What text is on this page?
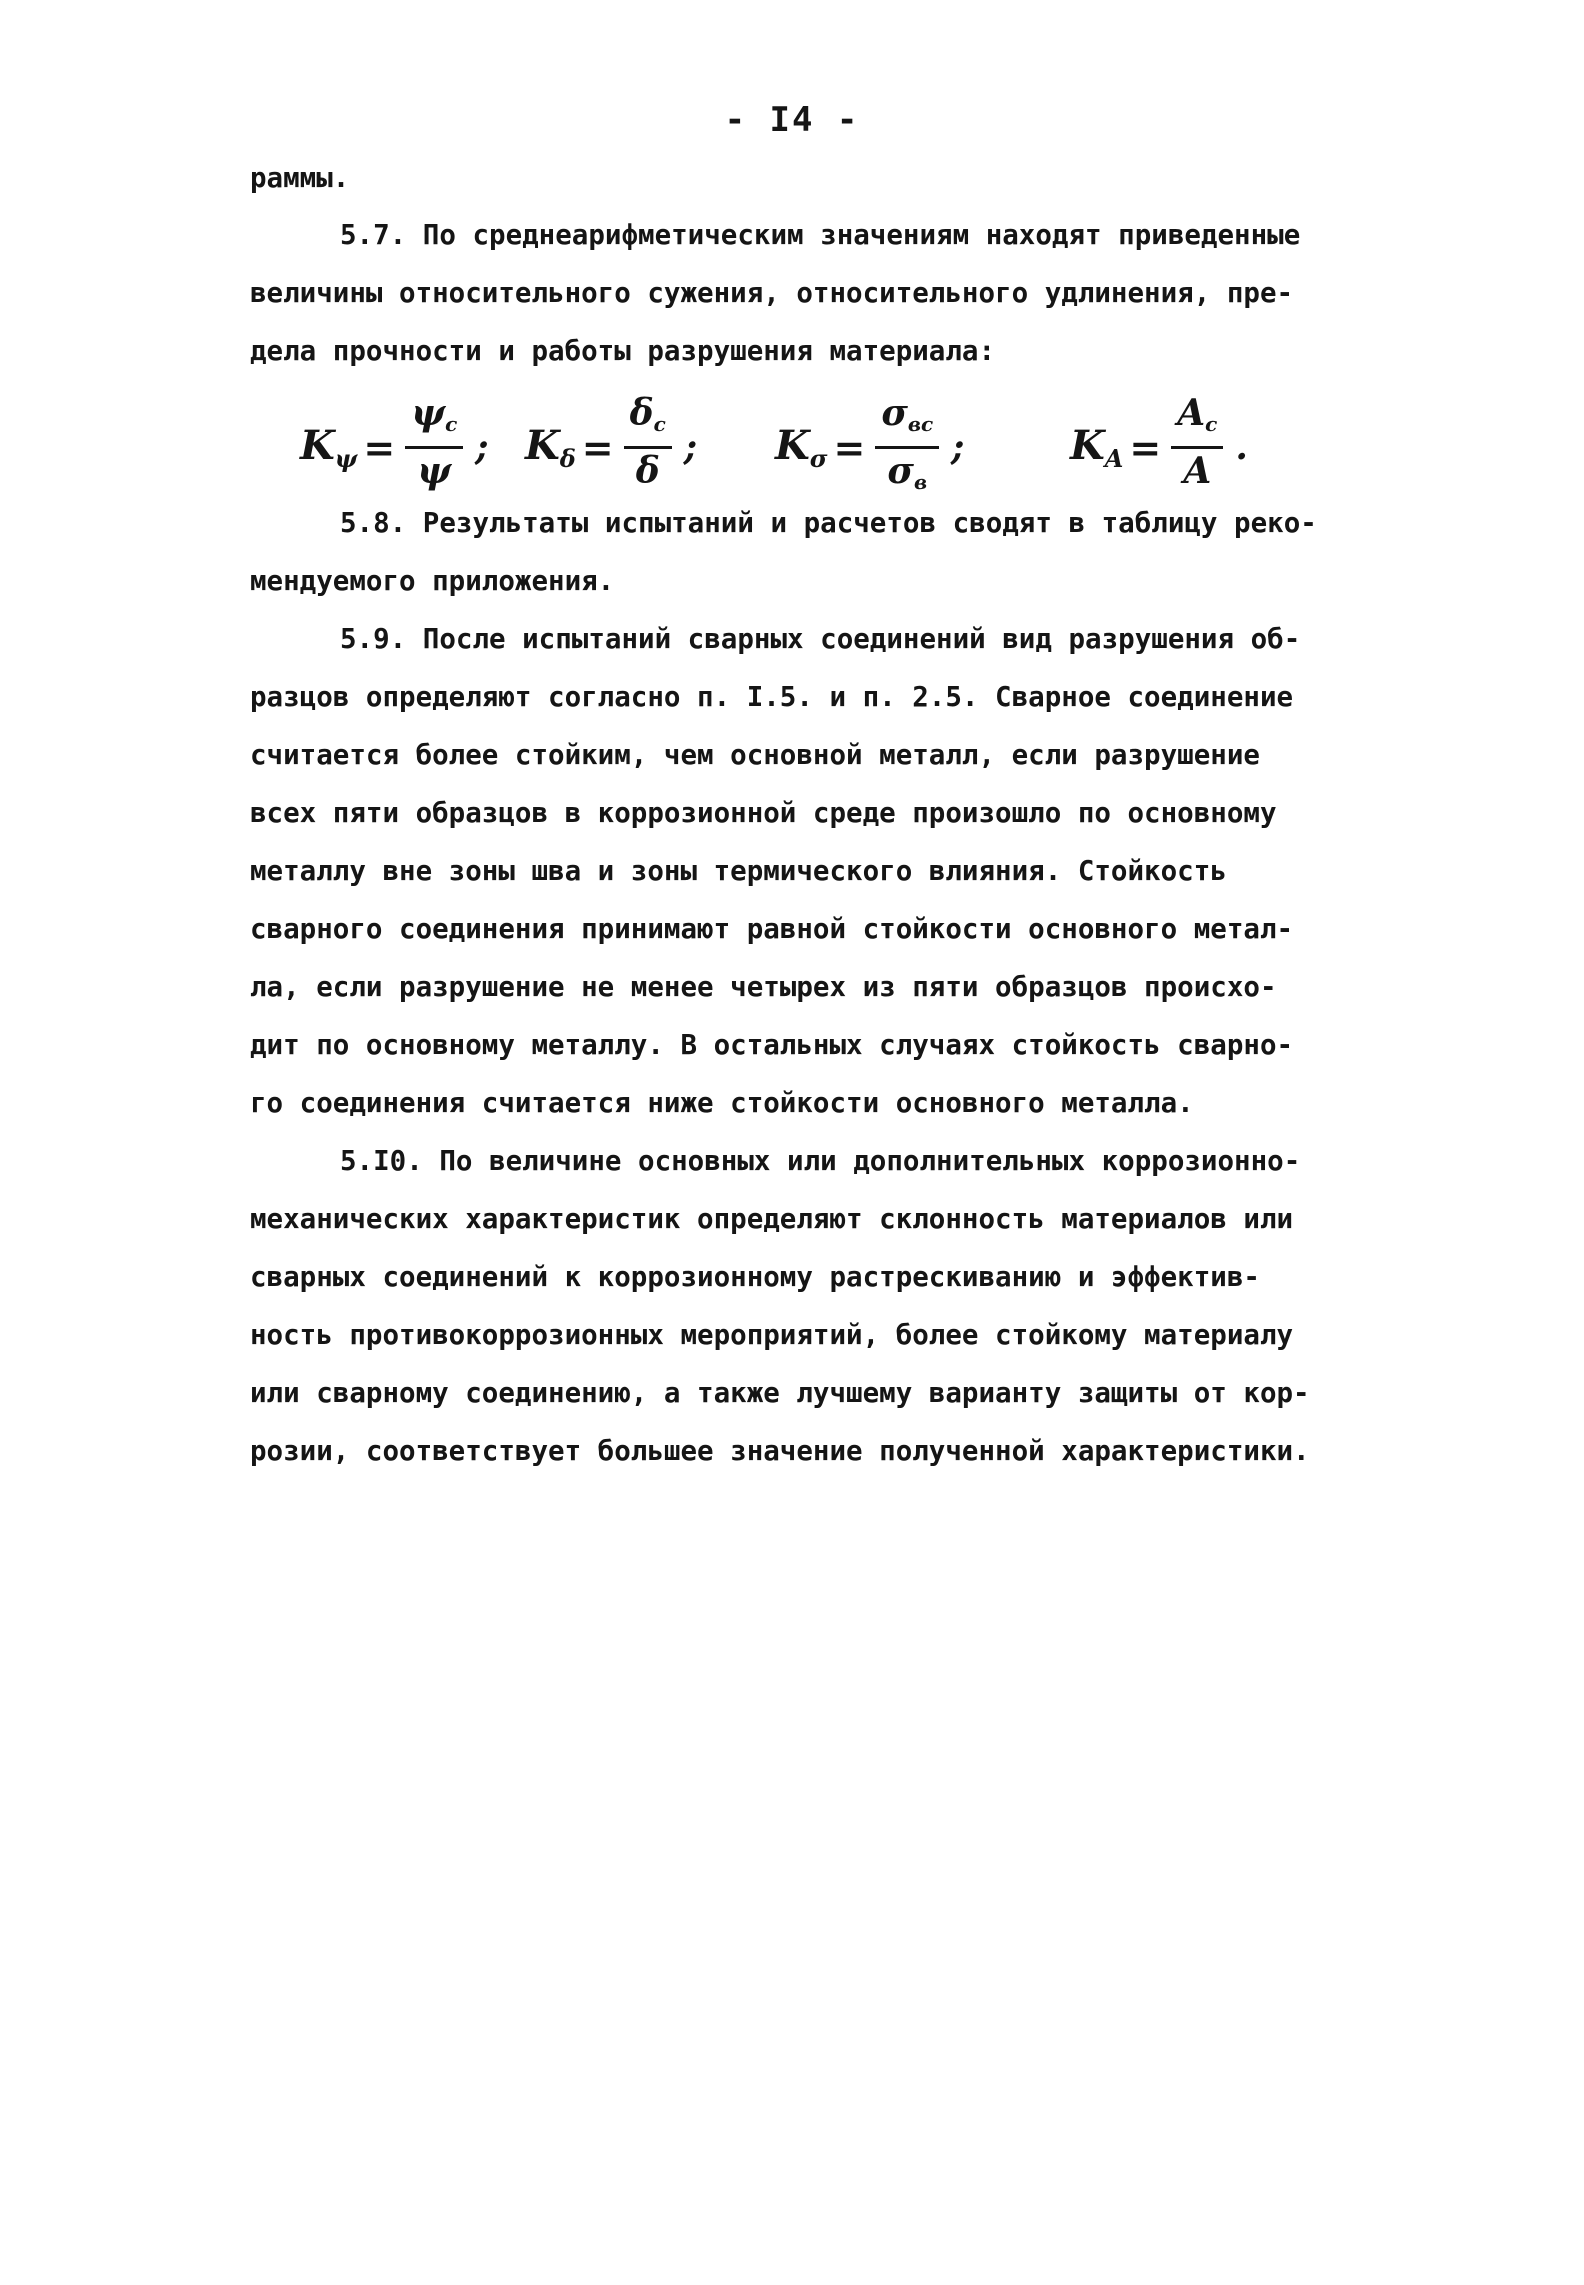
- I4 -
раммы.
5.7. По среднеарифметическим значениям находят приведенные
величины относительного сужения, относительного удлинения, пре-
дела прочности и работы разрушения материала:
$K_\psi = \frac{\psi_c}{\psi}$ ; $K_\delta = \frac{\delta_c}{\delta}$ ; $K_\sigma = \frac{\sigma_{вс}}{\sigma_в}$ ;	$K_A = \frac{A_c}{A}$ .
5.8. Результаты испытаний и расчетов сводят в таблицу реко-
мендуемого приложения.
5.9. После испытаний сварных соединений вид разрушения об-
разцов определяют согласно п. I.5. и п. 2.5. Сварное соединение
считается более стойким, чем основной металл, если разрушение
всех пяти образцов в коррозионной среде произошло по основному
металлу вне зоны шва и зоны термического влияния. Стойкость
сварного соединения принимают равной стойкости основного метал-
ла, если разрушение не менее четырех из пяти образцов происхо-
дит по основному металлу. В остальных случаях стойкость сварно-
го соединения считается ниже стойкости основного металла.
5.I0. По величине основных или дополнительных коррозионно-
механических характеристик определяют склонность материалов или
сварных соединений к коррозионному растрескиванию и эффектив-
ность противокоррозионных мероприятий, более стойкому материалу
или сварному соединению, а также лучшему варианту защиты от кор-
розии, соответствует большее значение полученной характеристики.
